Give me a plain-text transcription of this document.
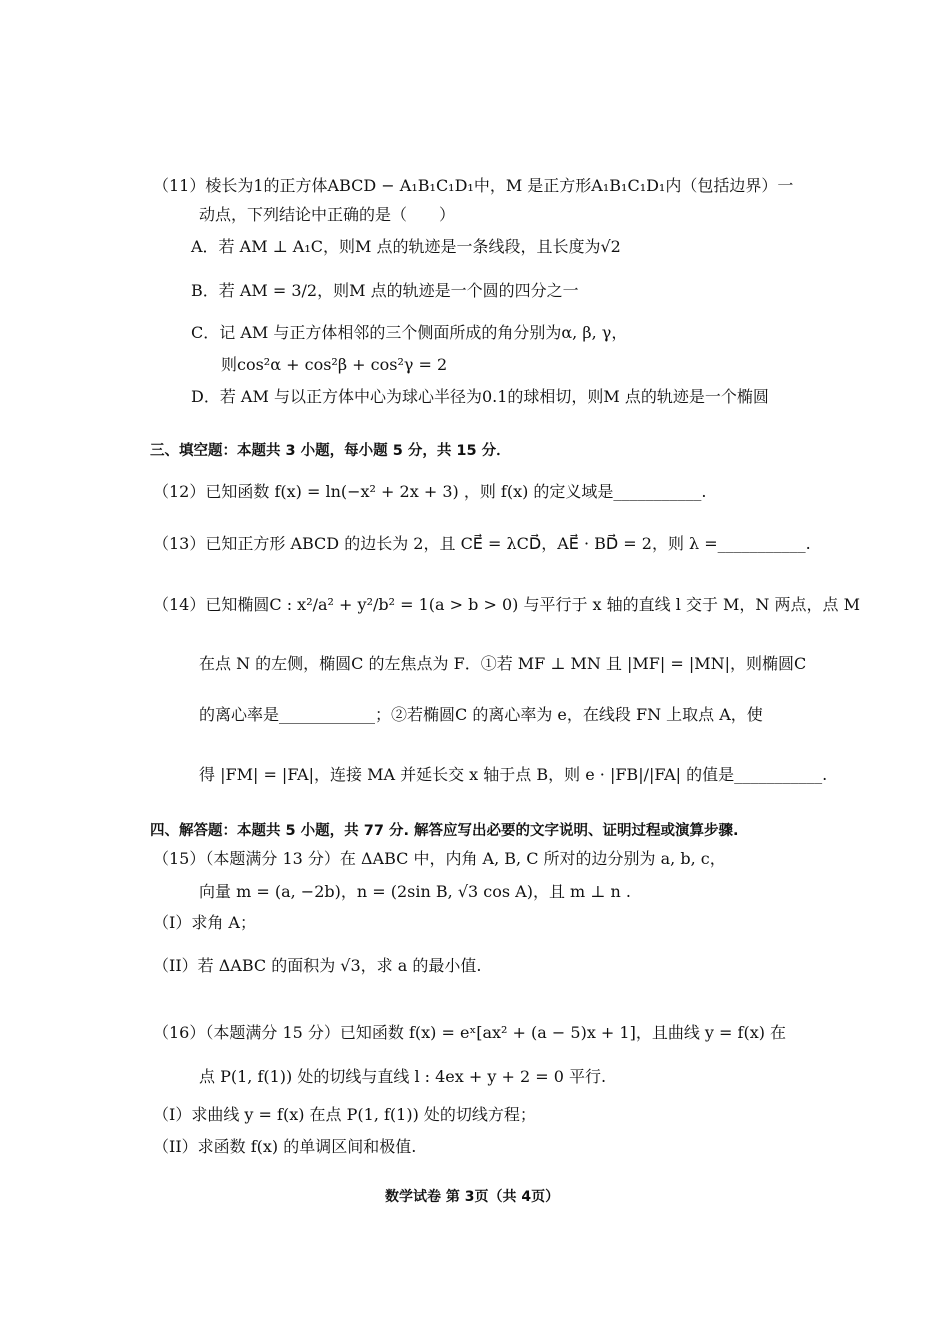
（11）棱长为1的正方体ABCD − A₁B₁C₁D₁中，M 是正方形A₁B₁C₁D₁内（包括边界）一
动点，下列结论中正确的是（　　）
A．若 AM ⊥ A₁C，则M 点的轨迹是一条线段，且长度为√2
B．若 AM = 3/2，则M 点的轨迹是一个圆的四分之一
C．记 AM 与正方体相邻的三个侧面所成的角分别为α, β, γ，
则cos²α + cos²β + cos²γ = 2
D．若 AM 与以正方体中心为球心半径为0.1的球相切，则M 点的轨迹是一个椭圆
三、填空题：本题共 3 小题，每小题 5 分，共 15 分．
（12）已知函数 f(x) = ln(−x² + 2x + 3) ，则 f(x) 的定义域是___________.
（13）已知正方形 ABCD 的边长为 2，且 CE⃗ = λCD⃗，AE⃗ · BD⃗ = 2，则 λ =___________.
（14）已知椭圆C : x²/a² + y²/b² = 1(a > b > 0) 与平行于 x 轴的直线 l 交于 M，N 两点，点 M
在点 N 的左侧，椭圆C 的左焦点为 F．①若 MF ⊥ MN 且 |MF| = |MN|，则椭圆C
的离心率是____________；②若椭圆C 的离心率为 e，在线段 FN 上取点 A，使
得 |FM| = |FA|，连接 MA 并延长交 x 轴于点 B，则 e · |FB|/|FA| 的值是___________.
四、解答题：本题共 5 小题，共 77 分. 解答应写出必要的文字说明、证明过程或演算步骤.
（15）（本题满分 13 分）在 ΔABC 中，内角 A, B, C 所对的边分别为 a, b, c，
向量 m = (a, −2b)，n = (2sin B, √3 cos A)，且 m ⊥ n .
（I）求角 A；
（II）若 ΔABC 的面积为 √3，求 a 的最小值.
（16）（本题满分 15 分）已知函数 f(x) = eˣ[ax² + (a − 5)x + 1]，且曲线 y = f(x) 在
点 P(1, f(1)) 处的切线与直线 l : 4ex + y + 2 = 0 平行.
（I）求曲线 y = f(x) 在点 P(1, f(1)) 处的切线方程；
（II）求函数 f(x) 的单调区间和极值.
数学试卷 第 3页（共 4页）
